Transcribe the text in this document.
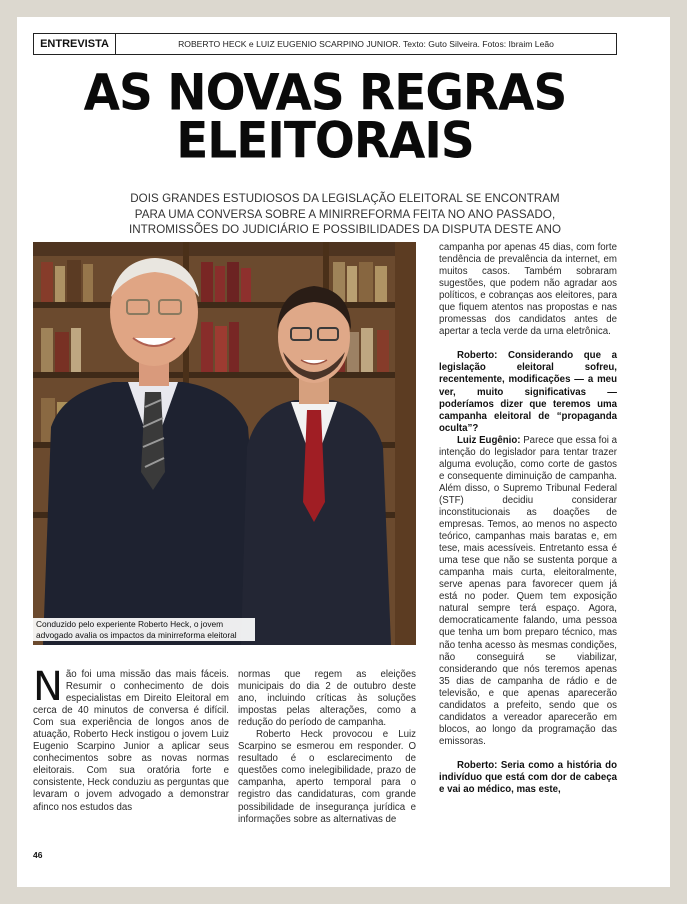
ENTREVISTA	ROBERTO HECK e LUIZ EUGENIO SCARPINO JUNIOR. Texto: Guto Silveira. Fotos: Ibraim Leão
AS NOVAS REGRAS
ELEITORAIS
DOIS GRANDES ESTUDIOSOS DA LEGISLAÇÃO ELEITORAL SE ENCONTRAM
PARA UMA CONVERSA SOBRE A MINIRREFORMA FEITA NO ANO PASSADO,
INTROMISSÕES DO JUDICIÁRIO E POSSIBILIDADES DA DISPUTA DESTE ANO
Conduzido pelo experiente Roberto Heck, o jovem advogado avalia os impactos da minirreforma eleitoral

Não foi uma missão das mais fáceis. Resumir o conhecimento de dois especialistas em Direito Eleitoral em cerca de 40 minutos de conversa é difícil. Com sua experiência de longos anos de atuação, Roberto Heck instigou o jovem Luiz Eugenio Scarpino Junior a aplicar seus conhecimentos sobre as novas normas eleitorais. Com sua oratória forte e consistente, Heck conduziu as perguntas que levaram o jovem advogado a demonstrar afinco nos estudos das

normas que regem as eleições municipais do dia 2 de outubro deste ano, incluindo críticas às soluções impostas pelas alterações, como a redução do período de campanha.

Roberto Heck provocou e Luiz Scarpino se esmerou em responder. O resultado é o esclarecimento de questões como inelegibilidade, prazo de campanha, aperto temporal para o registro das candidaturas, com grande possibilidade de insegurança jurídica e informações sobre as alternativas de

campanha por apenas 45 dias, com forte tendência de prevalência da internet, em muitos casos. Também sobraram sugestões, que podem não agradar aos políticos, e cobranças aos eleitores, para que fiquem atentos nas propostas e nas promessas dos candidatos antes de apertar a tecla verde da urna eletrônica.

Roberto: Considerando que a legislação eleitoral sofreu, recentemente, modificações — a meu ver, muito significativas — poderíamos dizer que teremos uma campanha eleitoral de “propaganda oculta”?

Luiz Eugênio: Parece que essa foi a intenção do legislador para tentar trazer alguma evolução, como corte de gastos e consequente diminuição de campanha. Além disso, o Supremo Tribunal Federal (STF) decidiu considerar inconstitucionais as doações de empresas. Temos, ao menos no aspecto teórico, campanhas mais baratas e, em tese, mais acessíveis. Entretanto essa é uma tese que não se sustenta porque a campanha mais curta, eleitoralmente, serve apenas para favorecer quem já está no poder. Quem tem exposição natural sempre terá espaço. Agora, democraticamente falando, uma pessoa que tenha um bom preparo técnico, mas não tenha acesso às mesmas condições, não conseguirá se viabilizar, considerando que nós teremos apenas 35 dias de campanha de rádio e de televisão, e que apenas aparecerão candidatos a prefeito, sendo que os candidatos a vereador aparecerão em blocos, ao longo da programação das emissoras.

Roberto: Seria como a história do indivíduo que está com dor de cabeça e vai ao médico, mas este,

46
